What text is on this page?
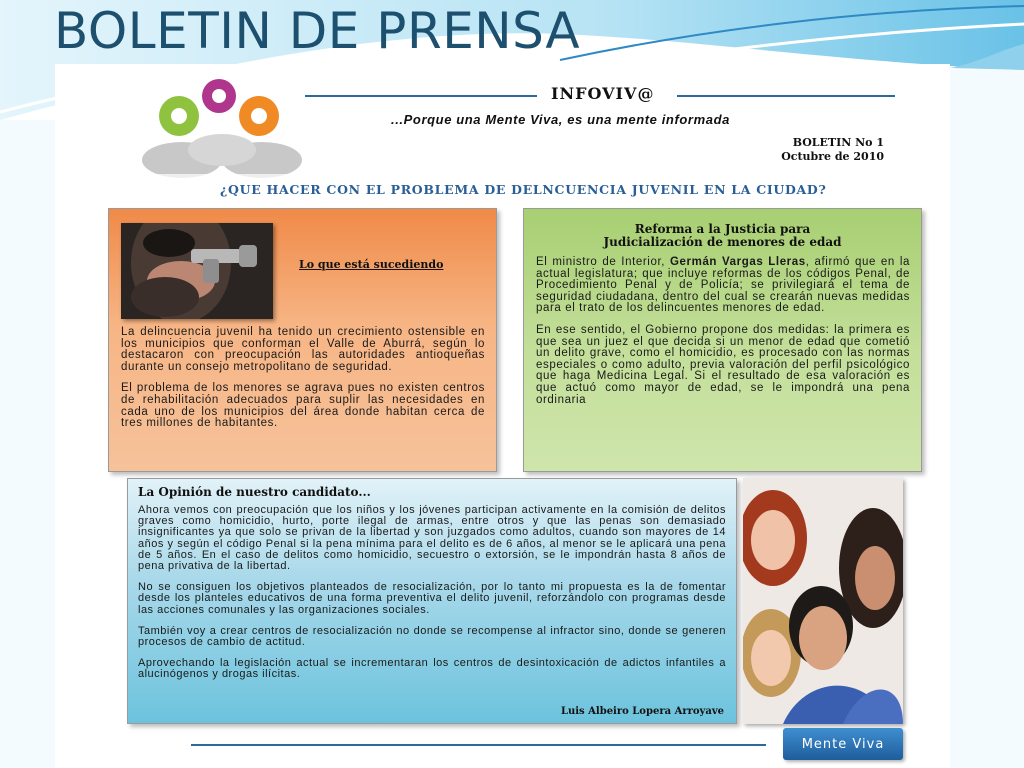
BOLETIN DE PRENSA
INFOVIV@
...Porque una Mente Viva, es una mente informada
BOLETIN No 1
Octubre de 2010
¿QUE HACER CON EL PROBLEMA DE DELNCUENCIA JUVENIL EN LA CIUDAD?
Lo que está sucediendo

La delincuencia juvenil ha tenido un crecimiento ostensible en los municipios que conforman el Valle de Aburrá, según lo destacaron con preocupación las autoridades antioqueñas durante un consejo metropolitano de seguridad.

El problema de los menores se agrava pues no existen centros de rehabilitación adecuados para suplir las necesidades en cada uno de los municipios del área donde habitan cerca de tres millones de habitantes.

Reforma a la Justicia para
Judicialización de menores de edad

El ministro de Interior, Germán Vargas Lleras, afirmó que en la actual legislatura; que incluye reformas de los códigos Penal, de Procedimiento Penal y de Policía; se privilegiará el tema de seguridad ciudadana, dentro del cual se crearán nuevas medidas para el trato de los delincuentes menores de edad.

En ese sentido, el Gobierno propone dos medidas: la primera es que sea un juez el que decida si un menor de edad que cometió un delito grave, como el homicidio, es procesado con las normas especiales o como adulto, previa valoración del perfil psicológico que haga Medicina Legal. Si el resultado de esa valoración es que actuó como mayor de edad, se le impondrá una pena ordinaria

La Opinión de nuestro candidato...

Ahora vemos con preocupación que los niños y los jóvenes participan activamente en la comisión de delitos graves como homicidio, hurto, porte ilegal de armas, entre otros y que las penas son demasiado insignificantes ya que solo se privan de la libertad y son juzgados como adultos, cuando son mayores de 14 años y según el código Penal si la pena mínima para el delito es de 6 años, al menor se le aplicará una pena de 5 años. En el caso de delitos como homicidio, secuestro o extorsión, se le impondrán hasta 8 años de pena privativa de la libertad.

No se consiguen los objetivos planteados de resocialización, por lo tanto mi propuesta es la de fomentar desde los planteles educativos de una forma preventiva el delito juvenil, reforzándolo con programas desde las acciones comunales y las organizaciones sociales.

También voy a crear centros de resocialización no donde se recompense al infractor sino, donde se generen procesos de cambio de actitud.

Aprovechando la legislación actual se incrementaran los centros de desintoxicación de adictos infantiles a alucinógenos y drogas ilícitas.

Luis Albeiro Lopera Arroyave
Mente Viva
